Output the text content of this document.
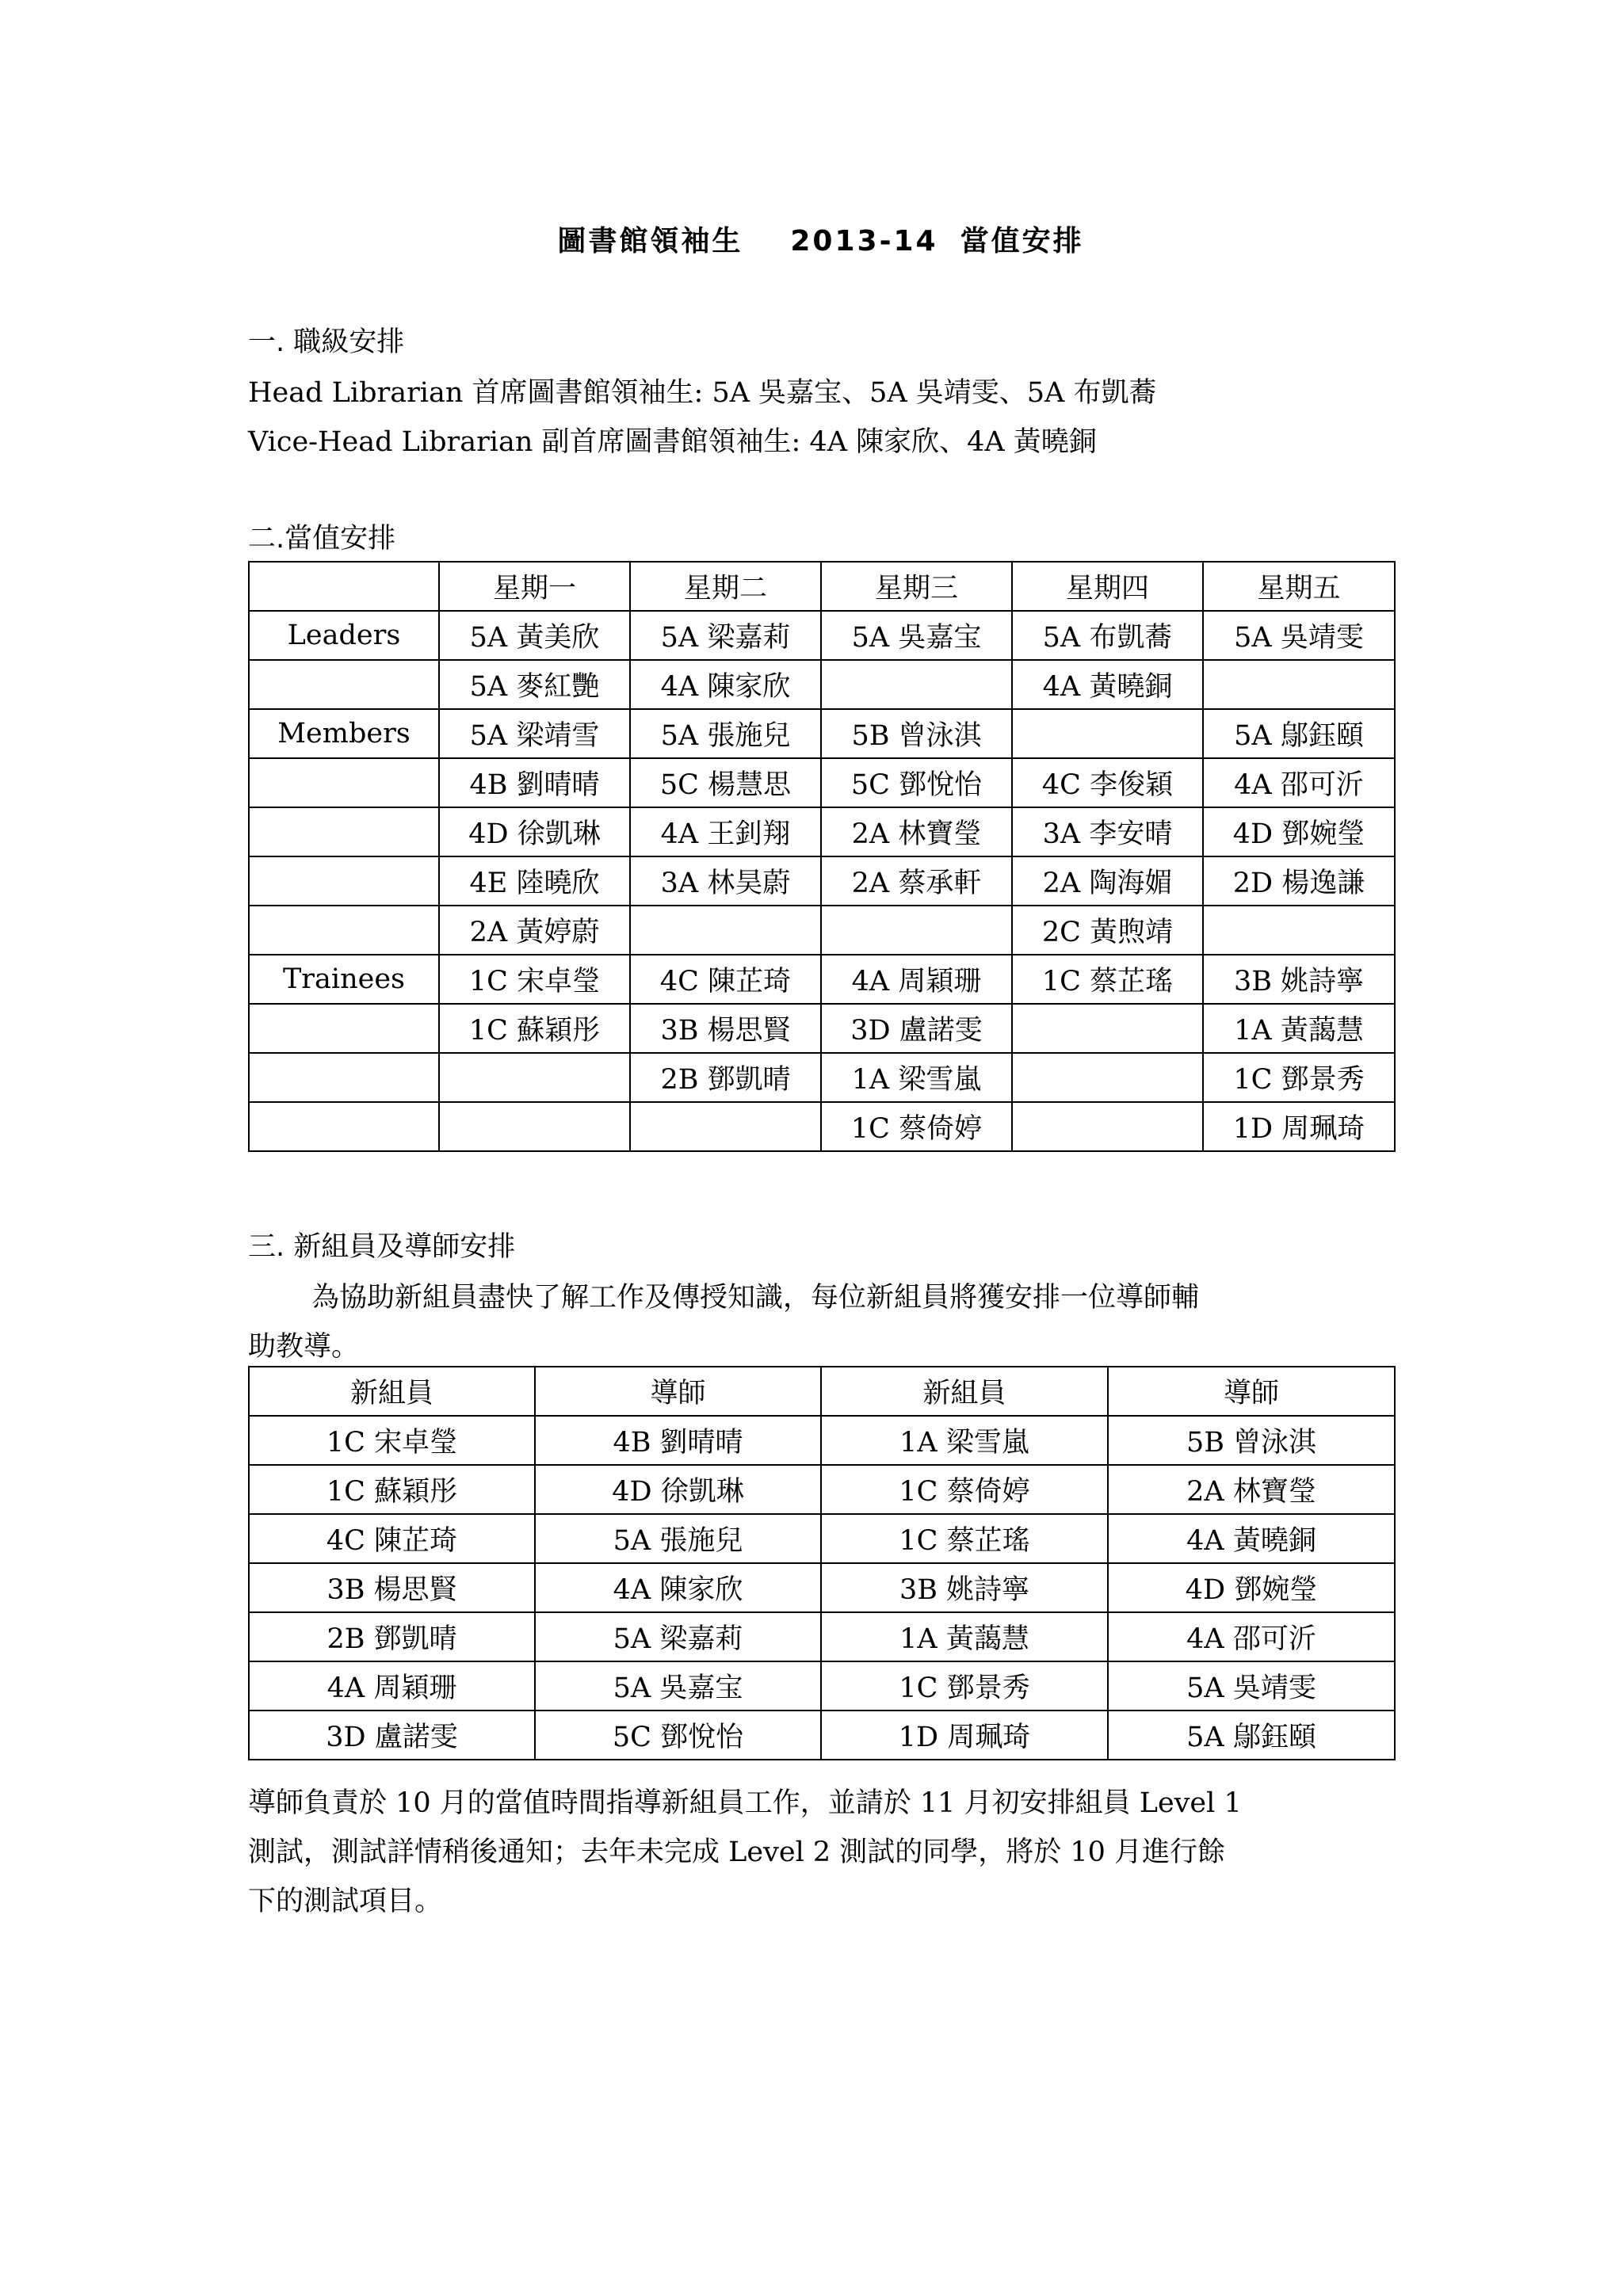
圖書館領袖生 2013-14 當值安排
一. 職級安排
Head Librarian 首席圖書館領袖生: 5A 吳嘉宝、5A 吳靖雯、5A 布凱蕎
Vice-Head Librarian 副首席圖書館領袖生: 4A 陳家欣、4A 黃曉銅
二.當值安排
	星期一	星期二	星期三	星期四	星期五
Leaders	5A 黃美欣	5A 梁嘉莉	5A 吳嘉宝	5A 布凱蕎	5A 吳靖雯
	5A 麥紅艷	4A 陳家欣		4A 黃曉銅	
Members	5A 梁靖雪	5A 張施兒	5B 曾泳淇		5A 鄔鈺頤
	4B 劉晴晴	5C 楊慧思	5C 鄧悅怡	4C 李俊穎	4A 邵可沂
	4D 徐凱琳	4A 王釗翔	2A 林寶瑩	3A 李安晴	4D 鄧婉瑩
	4E 陸曉欣	3A 林昊蔚	2A 蔡承軒	2A 陶海媚	2D 楊逸謙
	2A 黃婷蔚			2C 黃煦靖	
Trainees	1C 宋卓瑩	4C 陳芷琦	4A 周穎珊	1C 蔡芷瑤	3B 姚詩寧
	1C 蘇穎彤	3B 楊思賢	3D 盧諾雯		1A 黃藹慧
		2B 鄧凱晴	1A 梁雪嵐		1C 鄧景秀
			1C 蔡倚婷		1D 周珮琦
三. 新組員及導師安排
為協助新組員盡快了解工作及傳授知識，每位新組員將獲安排一位導師輔
助教導。
新組員	導師	新組員	導師
1C 宋卓瑩	4B 劉晴晴	1A 梁雪嵐	5B 曾泳淇
1C 蘇穎彤	4D 徐凱琳	1C 蔡倚婷	2A 林寶瑩
4C 陳芷琦	5A 張施兒	1C 蔡芷瑤	4A 黃曉銅
3B 楊思賢	4A 陳家欣	3B 姚詩寧	4D 鄧婉瑩
2B 鄧凱晴	5A 梁嘉莉	1A 黃藹慧	4A 邵可沂
4A 周穎珊	5A 吳嘉宝	1C 鄧景秀	5A 吳靖雯
3D 盧諾雯	5C 鄧悅怡	1D 周珮琦	5A 鄔鈺頤
導師負責於 10 月的當值時間指導新組員工作，並請於 11 月初安排組員 Level 1
測試，測試詳情稍後通知；去年未完成 Level 2 測試的同學，將於 10 月進行餘
下的測試項目。
